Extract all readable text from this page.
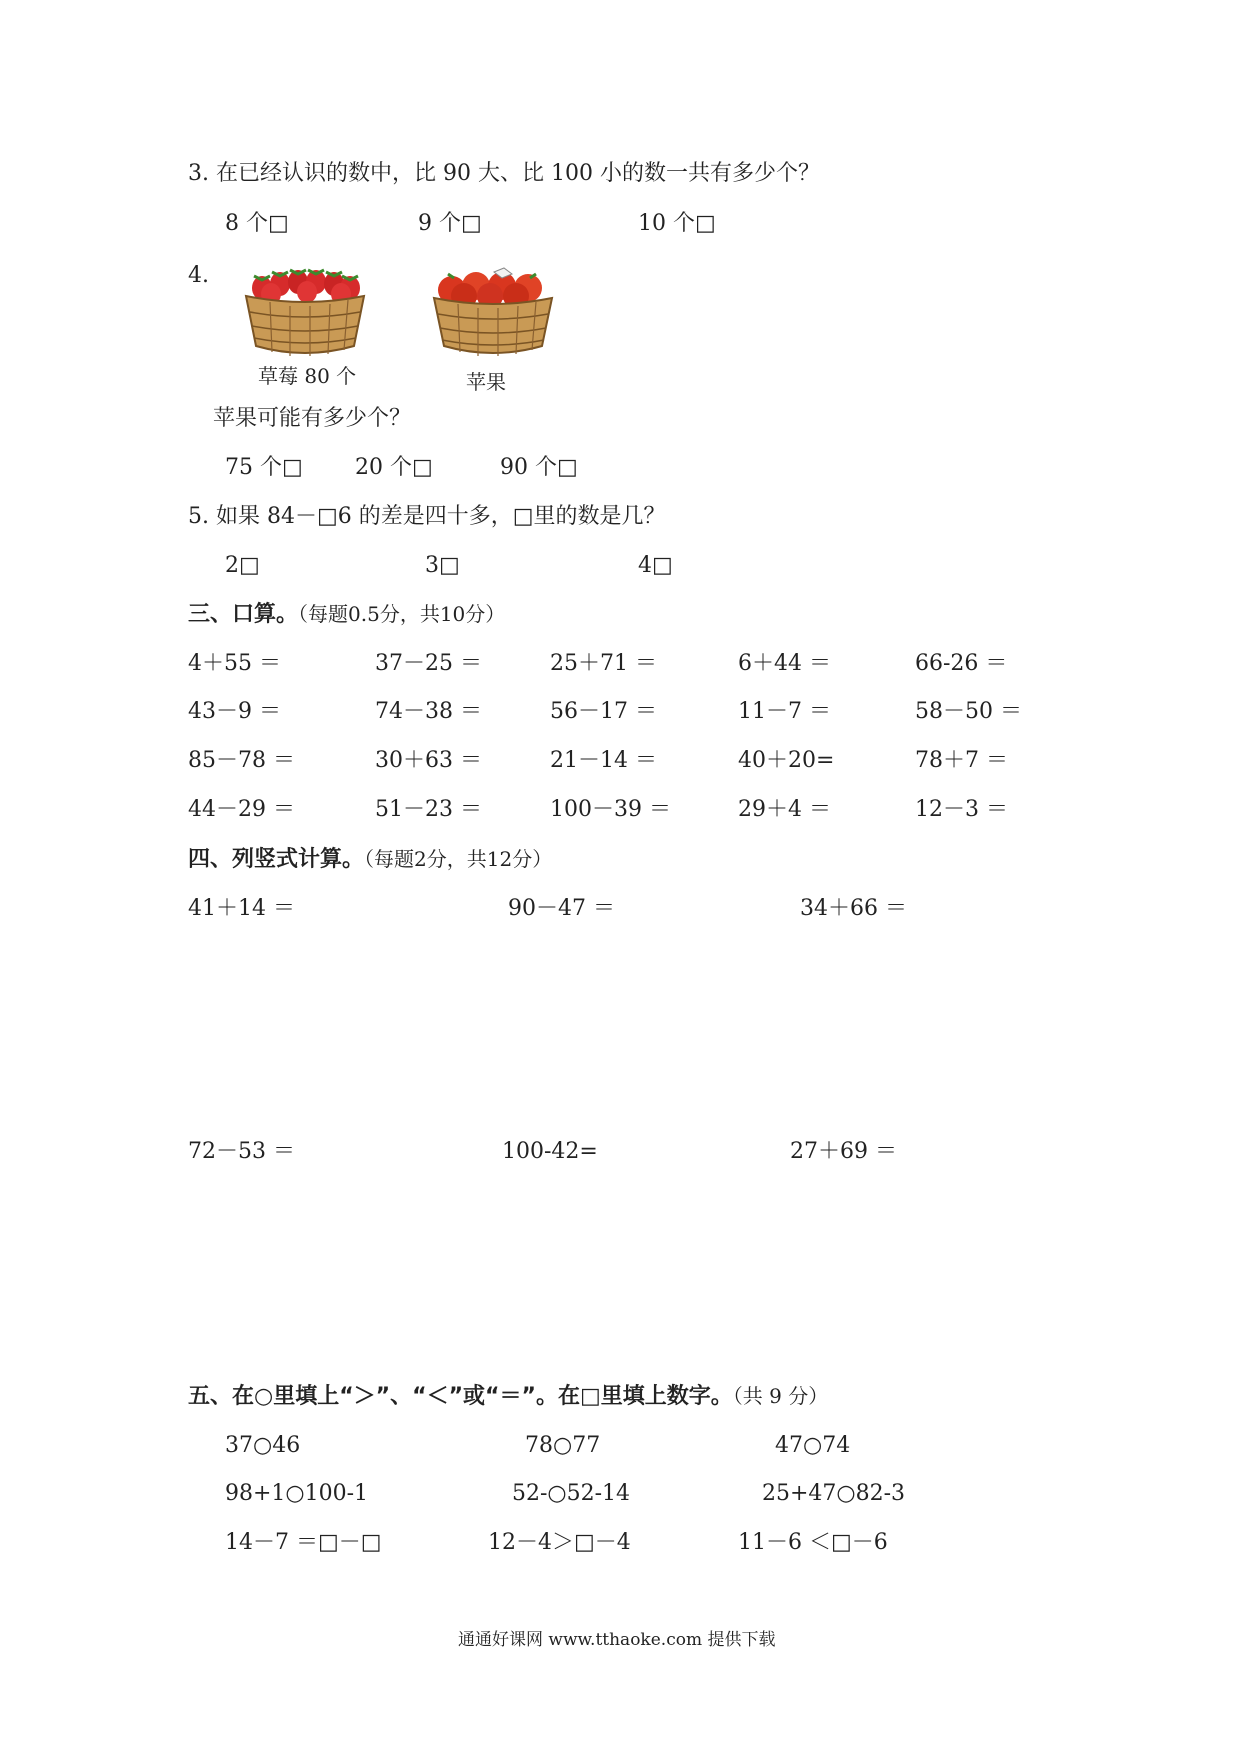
3. 在已经认识的数中，比 90 大、比 100 小的数一共有多少个？
8 个□	9 个□	10 个□
4.
草莓 80 个	苹果
苹果可能有多少个？
75 个□ 20 个□	90 个□
5. 如果 84－□6 的差是四十多，□里的数是几？
2□	3□	4□
三、口算。（每题0.5分，共10分）
4＋55 ＝	37－25 ＝	25＋71 ＝	6＋44 ＝	66-26 ＝
43－9 ＝	74－38 ＝	56－17 ＝	11－7 ＝	58－50 ＝
85－78 ＝	30＋63 ＝	21－14 ＝	40＋20=	78＋7 ＝
44－29 ＝	51－23 ＝	100－39 ＝	29＋4 ＝	12－3 ＝
四、列竖式计算。（每题2分，共12分）
41＋14 ＝	90－47 ＝	34＋66 ＝
72－53 ＝	100-42=	27＋69 ＝
五、在○里填上“＞”、“＜”或“＝”。在□里填上数字。（共 9 分）
37○46	78○77	47○74
98+1○100-1	52-○52-14	25+47○82-3
14－7 ＝□－□	12－4＞□－4	11－6 ＜□－6
通通好课网 www.tthaoke.com 提供下载
